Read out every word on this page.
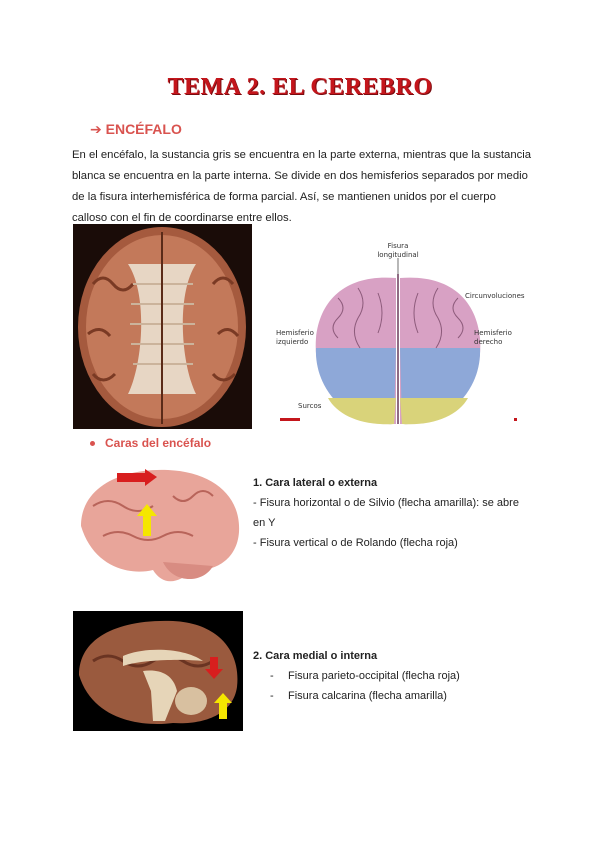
TEMA 2. EL CEREBRO
➔ ENCÉFALO
En el encéfalo, la sustancia gris se encuentra en la parte externa, mientras que la sustancia blanca se encuentra en la parte interna. Se divide en dos hemisferios separados por medio de la fisura interhemisférica de forma parcial. Así, se mantienen unidos por el cuerpo calloso con el fin de coordinarse entre ellos.
Fisura longitudinal
Circunvoluciones
Hemisferio izquierdo
Hemisferio derecho
Surcos
Caras del encéfalo
1. Cara lateral o externa
- Fisura horizontal o de Silvio (flecha amarilla): se abre en Y
- Fisura vertical o de Rolando (flecha roja)
2. Cara medial o interna
- Fisura parieto-occipital (flecha roja)
- Fisura calcarina (flecha amarilla)
